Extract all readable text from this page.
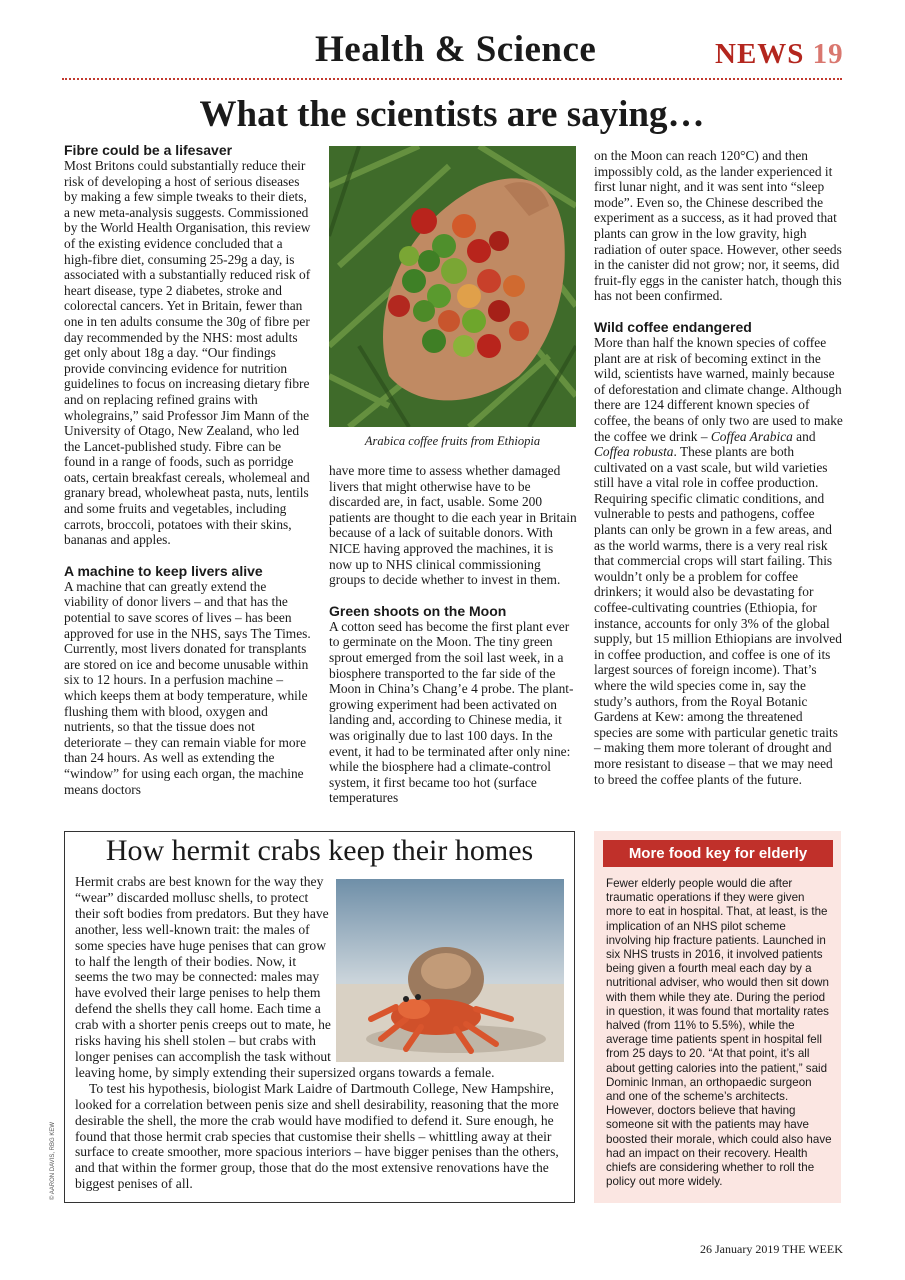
Health & Science	NEWS 19
What the scientists are saying…

Fibre could be a lifesaver

Most Britons could substantially reduce their risk of developing a host of serious diseases by making a few simple tweaks to their diets, a new meta-analysis suggests. Commissioned by the World Health Organisation, this review of the existing evidence concluded that a high-fibre diet, consuming 25-29g a day, is associated with a substantially reduced risk of heart disease, type 2 diabetes, stroke and colorectal cancers. Yet in Britain, fewer than one in ten adults consume the 30g of fibre per day recommended by the NHS: most adults get only about 18g a day. “Our findings provide convincing evidence for nutrition guidelines to focus on increasing dietary fibre and on replacing refined grains with wholegrains,” said Professor Jim Mann of the University of Otago, New Zealand, who led the Lancet-published study. Fibre can be found in a range of foods, such as porridge oats, certain breakfast cereals, wholemeal and granary bread, wholewheat pasta, nuts, lentils and some fruits and vegetables, including carrots, broccoli, potatoes with their skins, bananas and apples.

A machine to keep livers alive

A machine that can greatly extend the viability of donor livers – and that has the potential to save scores of lives – has been approved for use in the NHS, says The Times. Currently, most livers donated for transplants are stored on ice and become unusable within six to 12 hours. In a perfusion machine – which keeps them at body temperature, while flushing them with blood, oxygen and nutrients, so that the tissue does not deteriorate – they can remain viable for more than 24 hours. As well as extending the “window” for using each organ, the machine means doctors

Arabica coffee fruits from Ethiopia

have more time to assess whether damaged livers that might otherwise have to be discarded are, in fact, usable. Some 200 patients are thought to die each year in Britain because of a lack of suitable donors. With NICE having approved the machines, it is now up to NHS clinical commissioning groups to decide whether to invest in them.

Green shoots on the Moon

A cotton seed has become the first plant ever to germinate on the Moon. The tiny green sprout emerged from the soil last week, in a biosphere transported to the far side of the Moon in China’s Chang’e 4 probe. The plant-growing experiment had been activated on landing and, according to Chinese media, it was originally due to last 100 days. In the event, it had to be terminated after only nine: while the biosphere had a climate-control system, it first became too hot (surface temperatures

on the Moon can reach 120°C) and then impossibly cold, as the lander experienced it first lunar night, and it was sent into “sleep mode”. Even so, the Chinese described the experiment as a success, as it had proved that plants can grow in the low gravity, high radiation of outer space. However, other seeds in the canister did not grow; nor, it seems, did fruit-fly eggs in the canister hatch, though this has not been confirmed.

Wild coffee endangered

More than half the known species of coffee plant are at risk of becoming extinct in the wild, scientists have warned, mainly because of deforestation and climate change. Although there are 124 different known species of coffee, the beans of only two are used to make the coffee we drink – Coffea Arabica and Coffea robusta. These plants are both cultivated on a vast scale, but wild varieties still have a vital role in coffee production. Requiring specific climatic conditions, and vulnerable to pests and pathogens, coffee plants can only be grown in a few areas, and as the world warms, there is a very real risk that commercial crops will start failing. This wouldn’t only be a problem for coffee drinkers; it would also be devastating for coffee-cultivating countries (Ethiopia, for instance, accounts for only 3% of the global supply, but 15 million Ethiopians are involved in coffee production, and coffee is one of its largest sources of foreign income). That’s where the wild species come in, say the study’s authors, from the Royal Botanic Gardens at Kew: among the threatened species are some with particular genetic traits – making them more tolerant of drought and more resistant to disease – that we may need to breed the coffee plants of the future.

How hermit crabs keep their homes

Hermit crabs are best known for the way they “wear” discarded mollusc shells, to protect their soft bodies from predators. But they have another, less well-known trait: the males of some species have huge penises that can grow to half the length of their bodies. Now, it seems the two may be connected: males may have evolved their large penises to help them defend the shells they call home. Each time a crab with a shorter penis creeps out to mate, he risks having his shell stolen – but crabs with longer penises can accomplish the task without leaving home, by simply extending their supersized organs towards a female.

To test his hypothesis, biologist Mark Laidre of Dartmouth College, New Hampshire, looked for a correlation between penis size and shell desirability, reasoning that the more desirable the shell, the more the crab would have modified to defend it. Sure enough, he found that those hermit crab species that customise their shells – whittling away at their surface to create smoother, more spacious interiors – have bigger penises than the others, and that within the former group, those that do the most extensive renovations have the biggest penises of all.

© AARON DAVIS, RBG KEW
More food key for elderly
Fewer elderly people would die after traumatic operations if they were given more to eat in hospital. That, at least, is the implication of an NHS pilot scheme involving hip fracture patients. Launched in six NHS trusts in 2016, it involved patients being given a fourth meal each day by a nutritional adviser, who would then sit down with them while they ate. During the period in question, it was found that mortality rates halved (from 11% to 5.5%), while the average time patients spent in hospital fell from 25 days to 20. “At that point, it’s all about getting calories into the patient,” said Dominic Inman, an orthopaedic surgeon and one of the scheme’s architects. However, doctors believe that having someone sit with the patients may have boosted their morale, which could also have had an impact on their recovery. Health chiefs are considering whether to roll the policy out more widely.
26 January 2019 THE WEEK
